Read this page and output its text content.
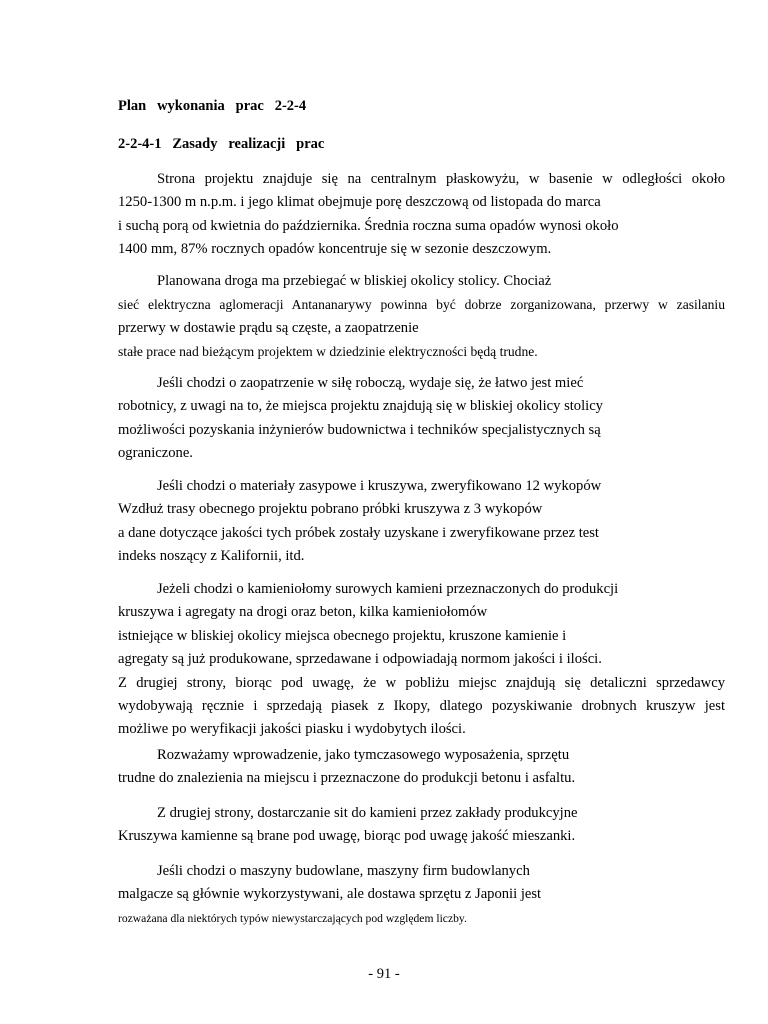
Plan   wykonania   prac   2-2-4
2-2-4-1   Zasady   realizacji   prac
Strona projektu znajduje się na centralnym płaskowyżu, w basenie w odległości około
1250-1300 m n.p.m. i jego klimat obejmuje porę deszczową od listopada do marca
i suchą porą od kwietnia do października. Średnia roczna suma opadów wynosi około
1400 mm, 87% rocznych opadów koncentruje się w sezonie deszczowym.
Planowana droga ma przebiegać w bliskiej okolicy stolicy. Chociaż
sieć elektryczna aglomeracji Antananarywy powinna być dobrze zorganizowana, przerwy w zasilaniu
przerwy w dostawie prądu są częste, a zaopatrzenie
stałe prace nad bieżącym projektem w dziedzinie elektryczności będą trudne.
Jeśli chodzi o zaopatrzenie w siłę roboczą, wydaje się, że łatwo jest mieć
robotnicy, z uwagi na to, że miejsca projektu znajdują się w bliskiej okolicy stolicy
możliwości pozyskania inżynierów budownictwa i techników specjalistycznych są
ograniczone.
Jeśli chodzi o materiały zasypowe i kruszywa, zweryfikowano 12 wykopów
Wzdłuż trasy obecnego projektu pobrano próbki kruszywa z 3 wykopów
a dane dotyczące jakości tych próbek zostały uzyskane i zweryfikowane przez test
indeks noszący z Kalifornii, itd.
Jeżeli chodzi o kamieniołomy surowych kamieni przeznaczonych do produkcji
kruszywa i agregaty na drogi oraz beton, kilka kamieniołomów
istniejące w bliskiej okolicy miejsca obecnego projektu, kruszone kamienie i
agregaty są już produkowane, sprzedawane i odpowiadają normom jakości i ilości.
Z drugiej strony, biorąc pod uwagę, że w pobliżu miejsc znajdują się detaliczni sprzedawcy
wydobywają ręcznie i sprzedają piasek z Ikopy, dlatego pozyskiwanie drobnych kruszyw jest
możliwe po weryfikacji jakości piasku i wydobytych ilości.
Rozważamy wprowadzenie, jako tymczasowego wyposażenia, sprzętu
trudne do znalezienia na miejscu i przeznaczone do produkcji betonu i asfaltu.
Z drugiej strony, dostarczanie sit do kamieni przez zakłady produkcyjne
Kruszywa kamienne są brane pod uwagę, biorąc pod uwagę jakość mieszanki.
Jeśli chodzi o maszyny budowlane, maszyny firm budowlanych
malgacze są głównie wykorzystywani, ale dostawa sprzętu z Japonii jest
rozważana dla niektórych typów niewystarczających pod względem liczby.
- 91 -
